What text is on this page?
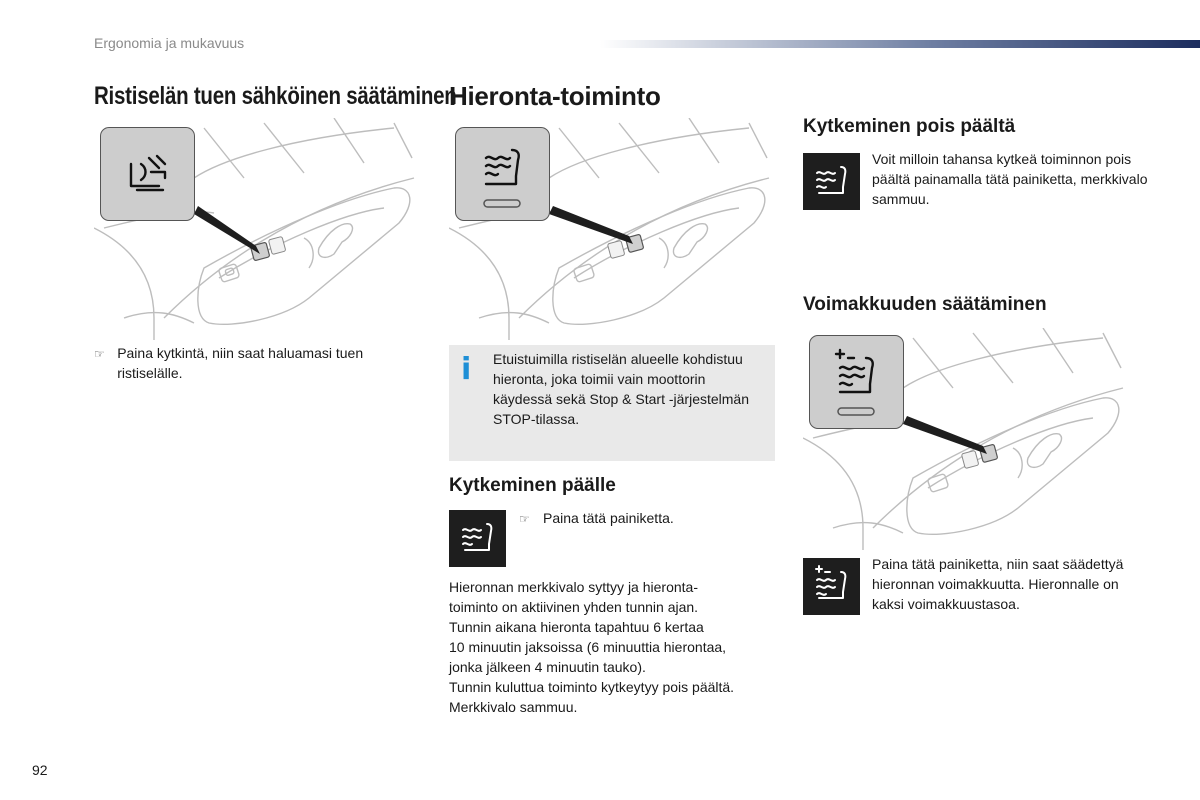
Ergonomia ja mukavuus
Ristiselän tuen sähköinen säätäminen
☞ Paina kytkintä, niin saat haluamasi tuen ristiselälle.
Hieronta-toiminto
i Etuistuimilla ristiselän alueelle kohdistuu hieronta, joka toimii vain moottorin käydessä sekä Stop & Start -järjestelmän STOP-tilassa.
Kytkeminen päälle
☞ Paina tätä painiketta.
Hieronnan merkkivalo syttyy ja hieronta-
toiminto on aktiivinen yhden tunnin ajan.
Tunnin aikana hieronta tapahtuu 6 kertaa
10 minuutin jaksoissa (6 minuuttia hierontaa,
jonka jälkeen 4 minuutin tauko).
Tunnin kuluttua toiminto kytkeytyy pois päältä.
Merkkivalo sammuu.
Kytkeminen pois päältä
Voit milloin tahansa kytkeä toiminnon pois päältä painamalla tätä painiketta, merkkivalo sammuu.
Voimakkuuden säätäminen
Paina tätä painiketta, niin saat säädettyä hieronnan voimakkuutta. Hieronnalle on kaksi voimakkuustasoa.
92
